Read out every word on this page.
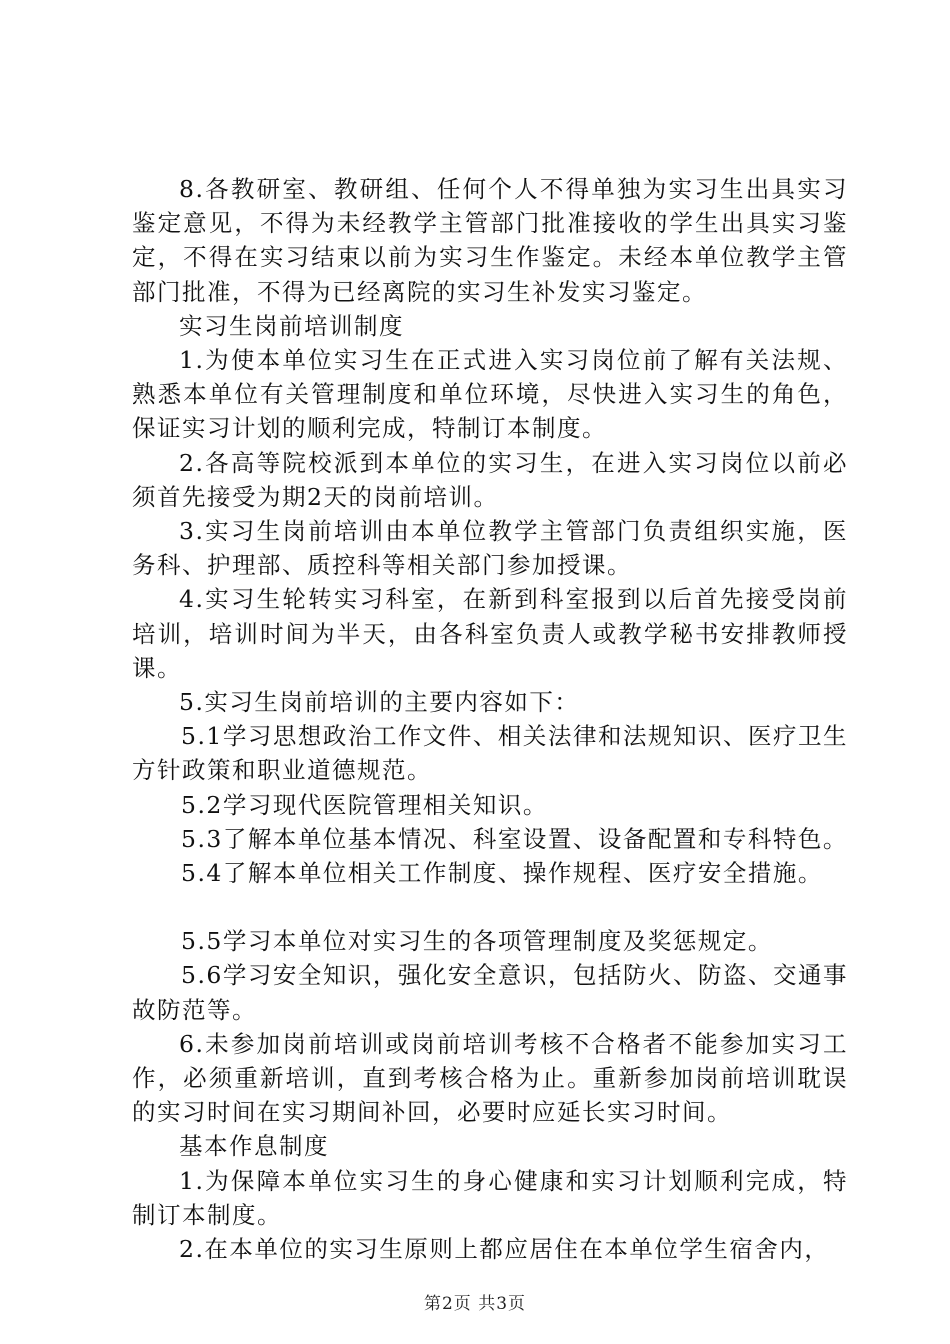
8.各教研室、教研组、任何个人不得单独为实习生出具实习鉴定意见，不得为未经教学主管部门批准接收的学生出具实习鉴定，不得在实习结束以前为实习生作鉴定。未经本单位教学主管部门批准，不得为已经离院的实习生补发实习鉴定。

实习生岗前培训制度

1.为使本单位实习生在正式进入实习岗位前了解有关法规、熟悉本单位有关管理制度和单位环境，尽快进入实习生的角色，保证实习计划的顺利完成，特制订本制度。

2.各高等院校派到本单位的实习生，在进入实习岗位以前必须首先接受为期2天的岗前培训。

3.实习生岗前培训由本单位教学主管部门负责组织实施，医务科、护理部、质控科等相关部门参加授课。

4.实习生轮转实习科室，在新到科室报到以后首先接受岗前培训，培训时间为半天，由各科室负责人或教学秘书安排教师授课。

5.实习生岗前培训的主要内容如下：

5.1学习思想政治工作文件、相关法律和法规知识、医疗卫生方针政策和职业道德规范。

5.2学习现代医院管理相关知识。

5.3了解本单位基本情况、科室设置、设备配置和专科特色。

5.4了解本单位相关工作制度、操作规程、医疗安全措施。

5.5学习本单位对实习生的各项管理制度及奖惩规定。

5.6学习安全知识，强化安全意识，包括防火、防盗、交通事故防范等。

6.未参加岗前培训或岗前培训考核不合格者不能参加实习工作，必须重新培训，直到考核合格为止。重新参加岗前培训耽误的实习时间在实习期间补回，必要时应延长实习时间。

基本作息制度

1.为保障本单位实习生的身心健康和实习计划顺利完成，特制订本制度。

2.在本单位的实习生原则上都应居住在本单位学生宿舍内，

第2页 共3页
